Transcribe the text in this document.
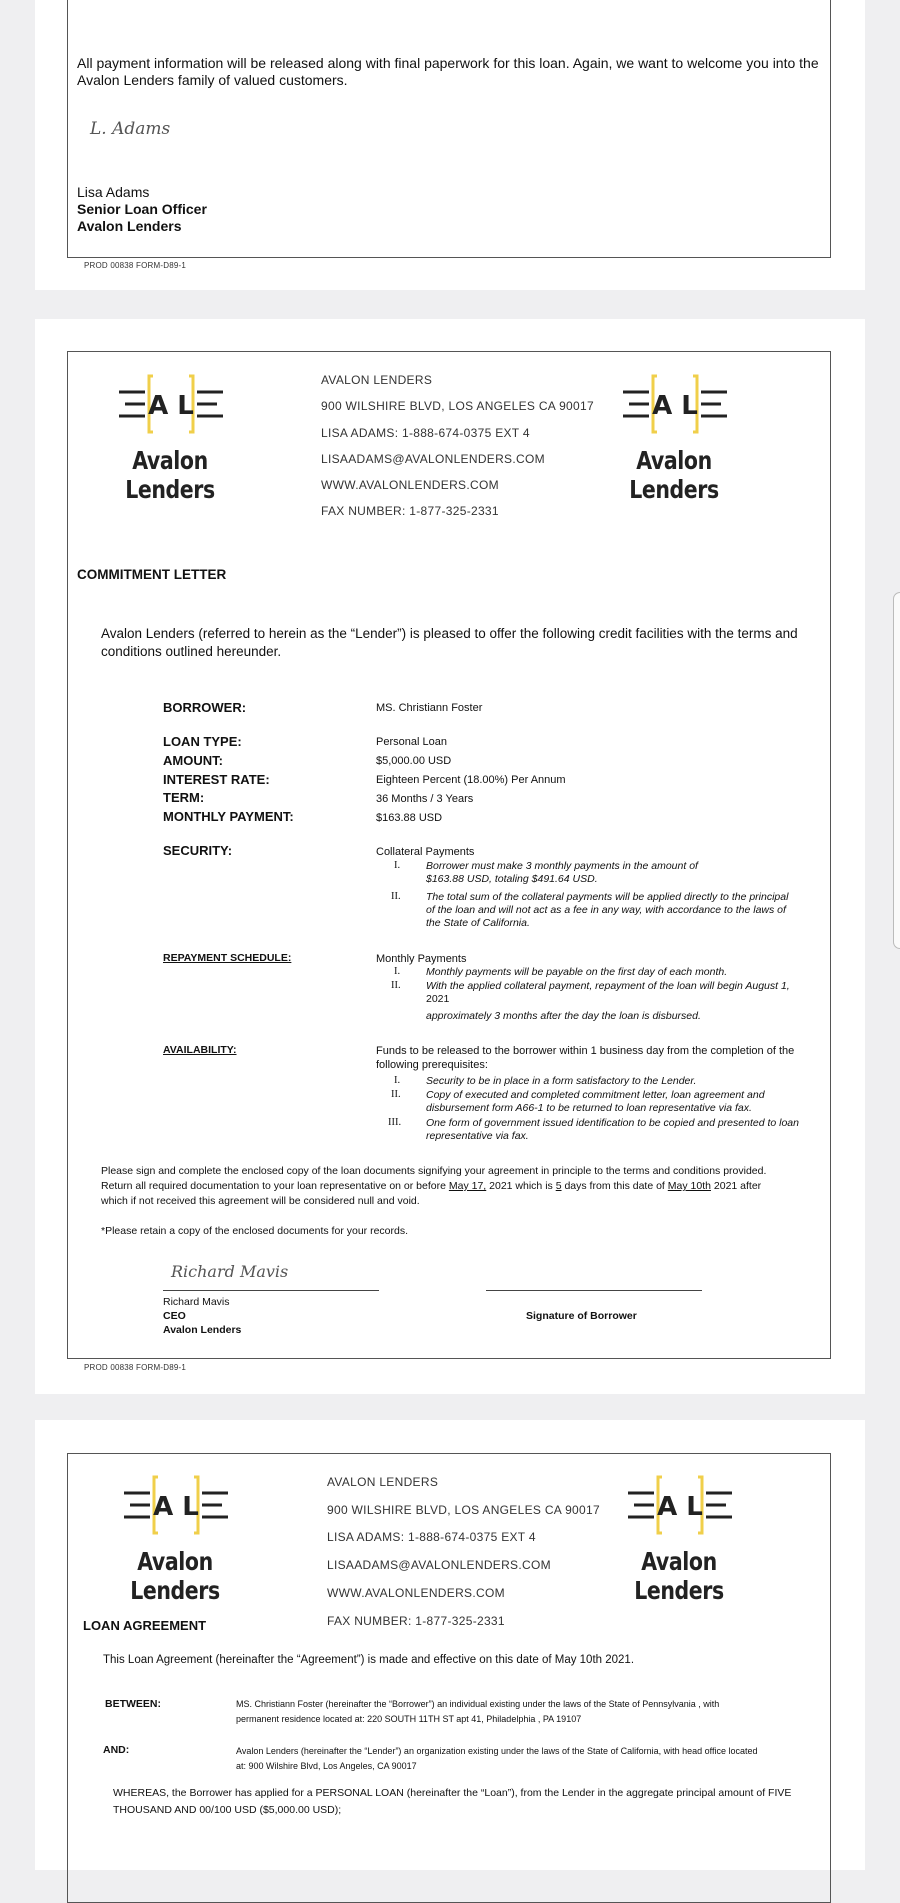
All payment information will be released along with final paperwork for this loan. Again, we want to welcome you into the
Avalon Lenders family of valued customers.
L. Adams
Lisa Adams
Senior Loan Officer
Avalon Lenders
PROD 00838 FORM-D89-1
A L
Avalon Lenders
AVALON LENDERS
900 WILSHIRE BLVD, LOS ANGELES CA 90017
LISA ADAMS: 1-888-674-0375 EXT 4
LISAADAMS@AVALONLENDERS.COM
WWW.AVALONLENDERS.COM
FAX NUMBER: 1-877-325-2331
A L
Avalon Lenders
COMMITMENT LETTER
Avalon Lenders (referred to herein as the “Lender”) is pleased to offer the following credit facilities with the terms and
conditions outlined hereunder.
BORROWER:	MS. Christiann Foster
LOAN TYPE:	Personal Loan
AMOUNT:	$5,000.00 USD
INTEREST RATE:	Eighteen Percent (18.00%) Per Annum
TERM:	36 Months / 3 Years
MONTHLY PAYMENT:	$163.88 USD
SECURITY:	Collateral Payments
I. Borrower must make 3 monthly payments in the amount of
$163.88 USD, totaling $491.64 USD.
II. The total sum of the collateral payments will be applied directly to the principal
of the loan and will not act as a fee in any way, with accordance to the laws of
the State of California.
REPAYMENT SCHEDULE:	Monthly Payments
I. Monthly payments will be payable on the first day of each month.
II. With the applied collateral payment, repayment of the loan will begin August 1,
2021
approximately 3 months after the day the loan is disbursed.
AVAILABILITY:	Funds to be released to the borrower within 1 business day from the completion of the
following prerequisites:
I. Security to be in place in a form satisfactory to the Lender.
II. Copy of executed and completed commitment letter, loan agreement and
disbursement form A66-1 to be returned to loan representative via fax.
III. One form of government issued identification to be copied and presented to loan
representative via fax.
Please sign and complete the enclosed copy of the loan documents signifying your agreement in principle to the terms and conditions provided.
Return all required documentation to your loan representative on or before May 17, 2021 which is 5 days from this date of May 10th 2021 after
which if not received this agreement will be considered null and void.
*Please retain a copy of the enclosed documents for your records.
Richard Mavis
Richard Mavis
CEO
Avalon Lenders
Signature of Borrower
PROD 00838 FORM-D89-1
A L
Avalon Lenders
AVALON LENDERS
900 WILSHIRE BLVD, LOS ANGELES CA 90017
LISA ADAMS: 1-888-674-0375 EXT 4
LISAADAMS@AVALONLENDERS.COM
WWW.AVALONLENDERS.COM
FAX NUMBER: 1-877-325-2331
A L
Avalon Lenders
LOAN AGREEMENT
This Loan Agreement (hereinafter the “Agreement”) is made and effective on this date of May 10th 2021.
BETWEEN:	MS. Christiann Foster (hereinafter the “Borrower”) an individual existing under the laws of the State of Pennsylvania , with
permanent residence located at: 220 SOUTH 11TH ST apt 41, Philadelphia , PA 19107
AND:	Avalon Lenders (hereinafter the “Lender”) an organization existing under the laws of the State of California, with head office located
at: 900 Wilshire Blvd, Los Angeles, CA 90017
WHEREAS, the Borrower has applied for a PERSONAL LOAN (hereinafter the “Loan”), from the Lender in the aggregate principal amount of FIVE
THOUSAND AND 00/100 USD ($5,000.00 USD);
